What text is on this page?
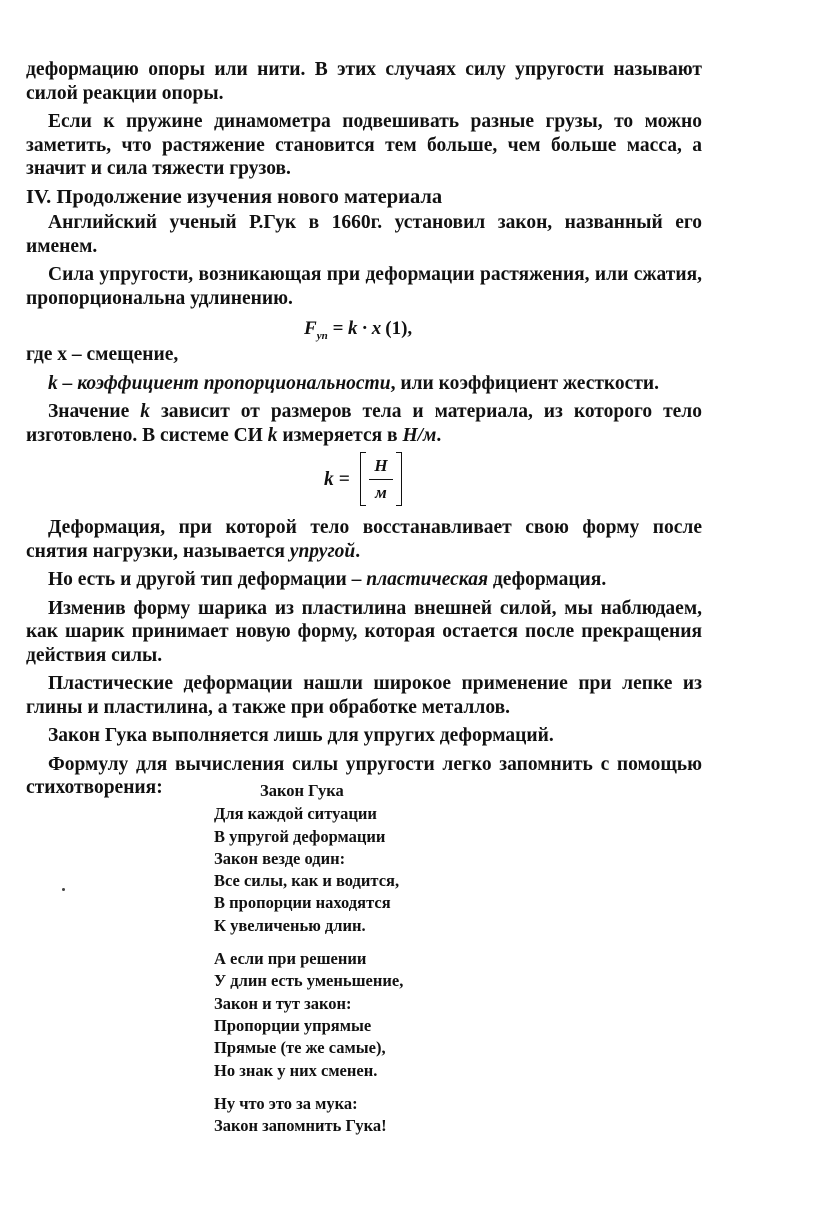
деформацию опоры или нити. В этих случаях силу упругости называют силой реакции опоры.

Если к пружине динамометра подвешивать разные грузы, то можно заметить, что растяжение становится тем больше, чем больше масса, а значит и сила тяжести грузов.

IV. Продолжение изучения нового материала

Английский ученый Р.Гук в 1660г. установил закон, названный его именем.

Сила упругости, возникающая при деформации растяжения, или сжатия, пропорциональна удлинению.

$F_{уп} = k \cdot x$ (1),

где x – смещение,

k – коэффициент пропорциональности, или коэффициент жесткости.

Значение k зависит от размеров тела и материала, из которого тело изготовлено. В системе СИ k измеряется в Н/м.

k =
Н
м

Деформация, при которой тело восстанавливает свою форму после снятия нагрузки, называется упругой.

Но есть и другой тип деформации – пластическая деформация.

Изменив форму шарика из пластилина внешней силой, мы наблюдаем, как шарик принимает новую форму, которая остается после прекращения действия силы.

Пластические деформации нашли широкое применение при лепке из глины и пластилина, а также при обработке металлов.

Закон Гука выполняется лишь для упругих деформаций.

Формулу для вычисления силы упругости легко запомнить с помощью стихотворения:	Закон Гука
Для каждой ситуации
В упругой деформации
Закон везде один:
Все силы, как и водится,
В пропорции находятся
К увеличенью длин.
А если при решении
У длин есть уменьшение,
Закон и тут закон:
Пропорции упрямые
Прямые (те же самые),
Но знак у них сменен.
Ну что это за мука:
Закон запомнить Гука!
